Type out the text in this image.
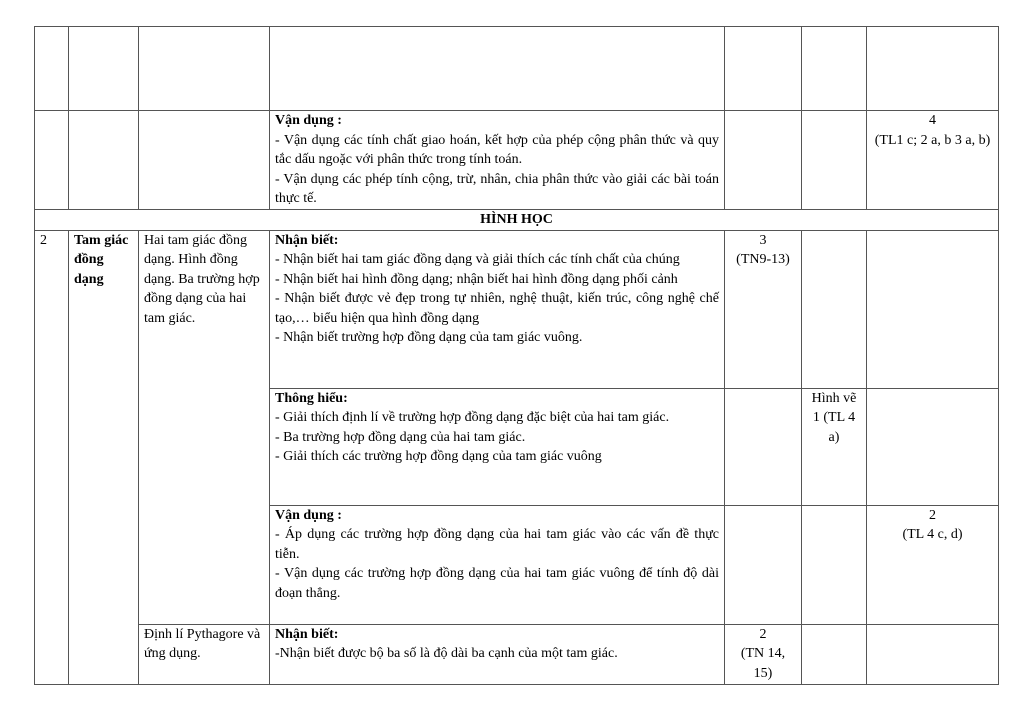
			Vận dụng :
- Vận dụng các tính chất giao hoán, kết hợp của phép cộng phân thức và quy tắc dấu ngoặc với phân thức trong tính toán.
- Vận dụng các phép tính cộng, trừ, nhân, chia phân thức vào giải các bài toán thực tế.			4
(TL1 c; 2 a, b 3 a, b)

HÌNH HỌC						
2	Tam giác đồng dạng	Hai tam giác đồng dạng. Hình đồng dạng. Ba trường hợp đồng dạng của hai tam giác.	Nhận biết:
- Nhận biết hai tam giác đồng dạng và giải thích các tính chất của chúng
- Nhận biết hai hình đồng dạng; nhận biết hai hình đồng dạng phối cảnh
- Nhận biết được vẻ đẹp trong tự nhiên, nghệ thuật, kiến trúc, công nghệ chế tạo,… biểu hiện qua hình đồng dạng
- Nhận biết trường hợp đồng dạng của tam giác vuông.	3
(TN9-13)		

			Thông hiểu:
- Giải thích định lí về trường hợp đồng dạng đặc biệt của hai tam giác.
- Ba trường hợp đồng dạng của hai tam giác.
- Giải thích các trường hợp đồng dạng của tam giác vuông		Hình vẽ 1 (TL 4 a)	

			Vận dụng :
- Áp dụng các trường hợp đồng dạng của hai tam giác vào các vấn đề thực tiễn.
- Vận dụng các trường hợp đồng dạng của hai tam giác vuông để tính độ dài đoạn thẳng.			2
(TL 4 c, d)

		Định lí Pythagore và ứng dụng.	Nhận biết:
-Nhận biết được bộ ba số là độ dài ba cạnh của một tam giác.	2
(TN 14, 15)		
